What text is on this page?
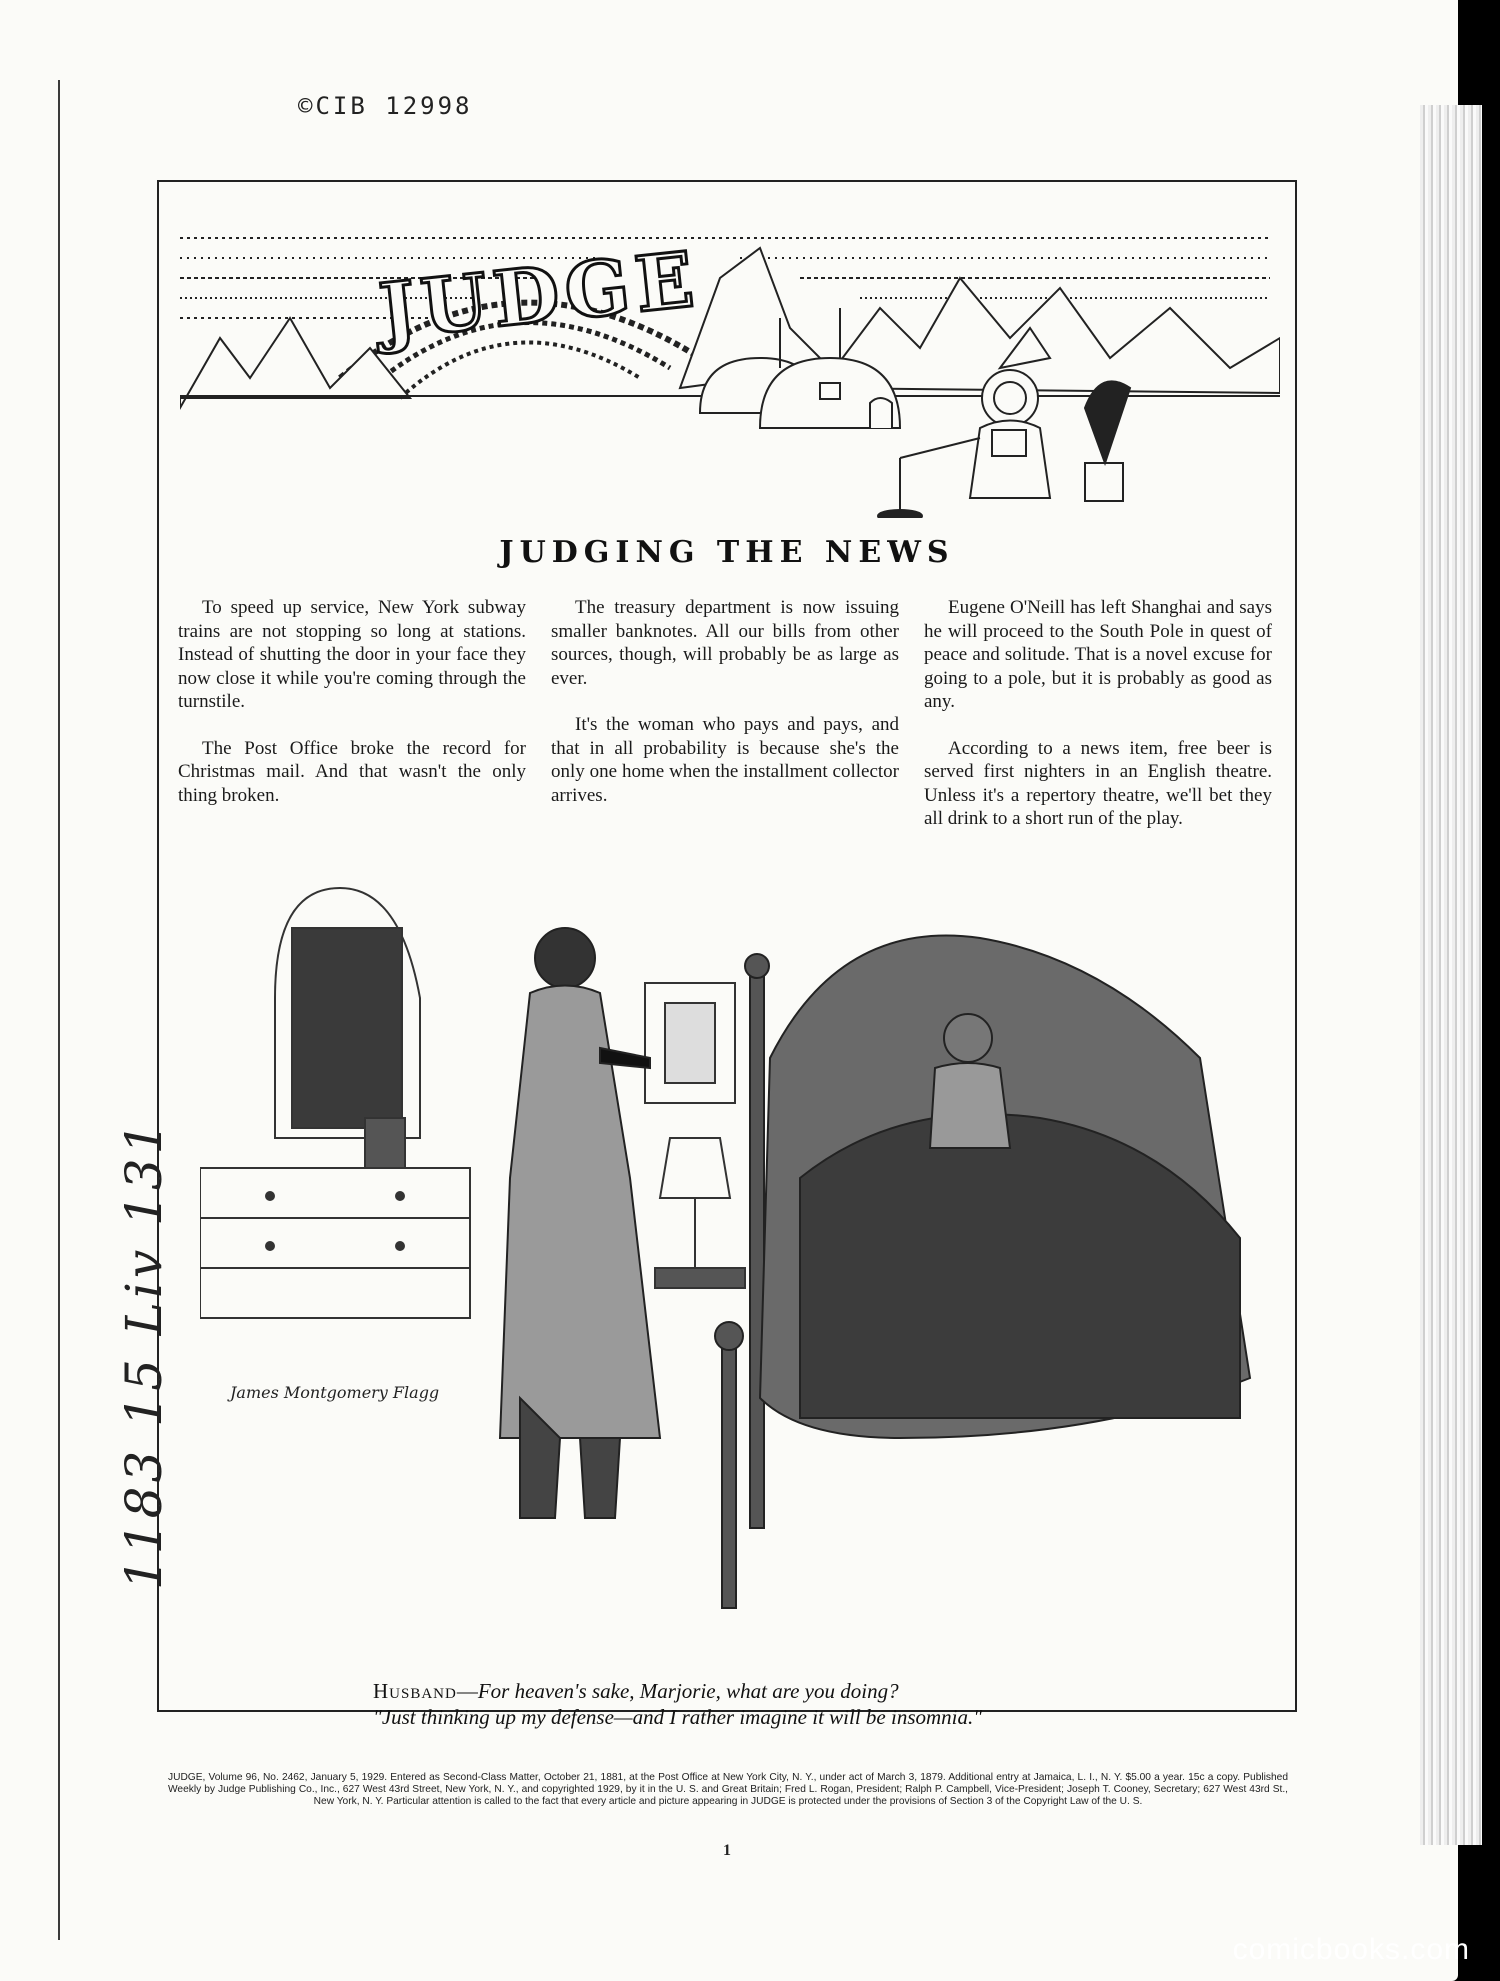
©CIB 12998
1183 15 Liv 131
JUDGE
JUDGING THE NEWS

To speed up service, New York subway trains are not stopping so long at stations. Instead of shutting the door in your face they now close it while you're coming through the turnstile.

The Post Office broke the record for Christmas mail. And that wasn't the only thing broken.

The treasury department is now issuing smaller banknotes. All our bills from other sources, though, will probably be as large as ever.

It's the woman who pays and pays, and that in all probability is because she's the only one home when the installment collector arrives.

Eugene O'Neill has left Shanghai and says he will proceed to the South Pole in quest of peace and solitude. That is a novel excuse for going to a pole, but it is probably as good as any.

According to a news item, free beer is served first nighters in an English theatre. Unless it's a repertory theatre, we'll bet they all drink to a short run of the play.

James Montgomery Flagg
Husband—For heaven's sake, Marjorie, what are you doing?
"Just thinking up my defense—and I rather imagine it will be insomnia."
JUDGE, Volume 96, No. 2462, January 5, 1929. Entered as Second-Class Matter, October 21, 1881, at the Post Office at New York City, N. Y., under act of March 3, 1879. Additional entry at Jamaica, L. I., N. Y. $5.00 a year. 15c a copy. Published Weekly by Judge Publishing Co., Inc., 627 West 43rd Street, New York, N. Y., and copyrighted 1929, by it in the U. S. and Great Britain; Fred L. Rogan, President; Ralph P. Campbell, Vice-President; Joseph T. Cooney, Secretary; 627 West 43rd St., New York, N. Y. Particular attention is called to the fact that every article and picture appearing in JUDGE is protected under the provisions of Section 3 of the Copyright Law of the U. S.
1
comicbooks.com
